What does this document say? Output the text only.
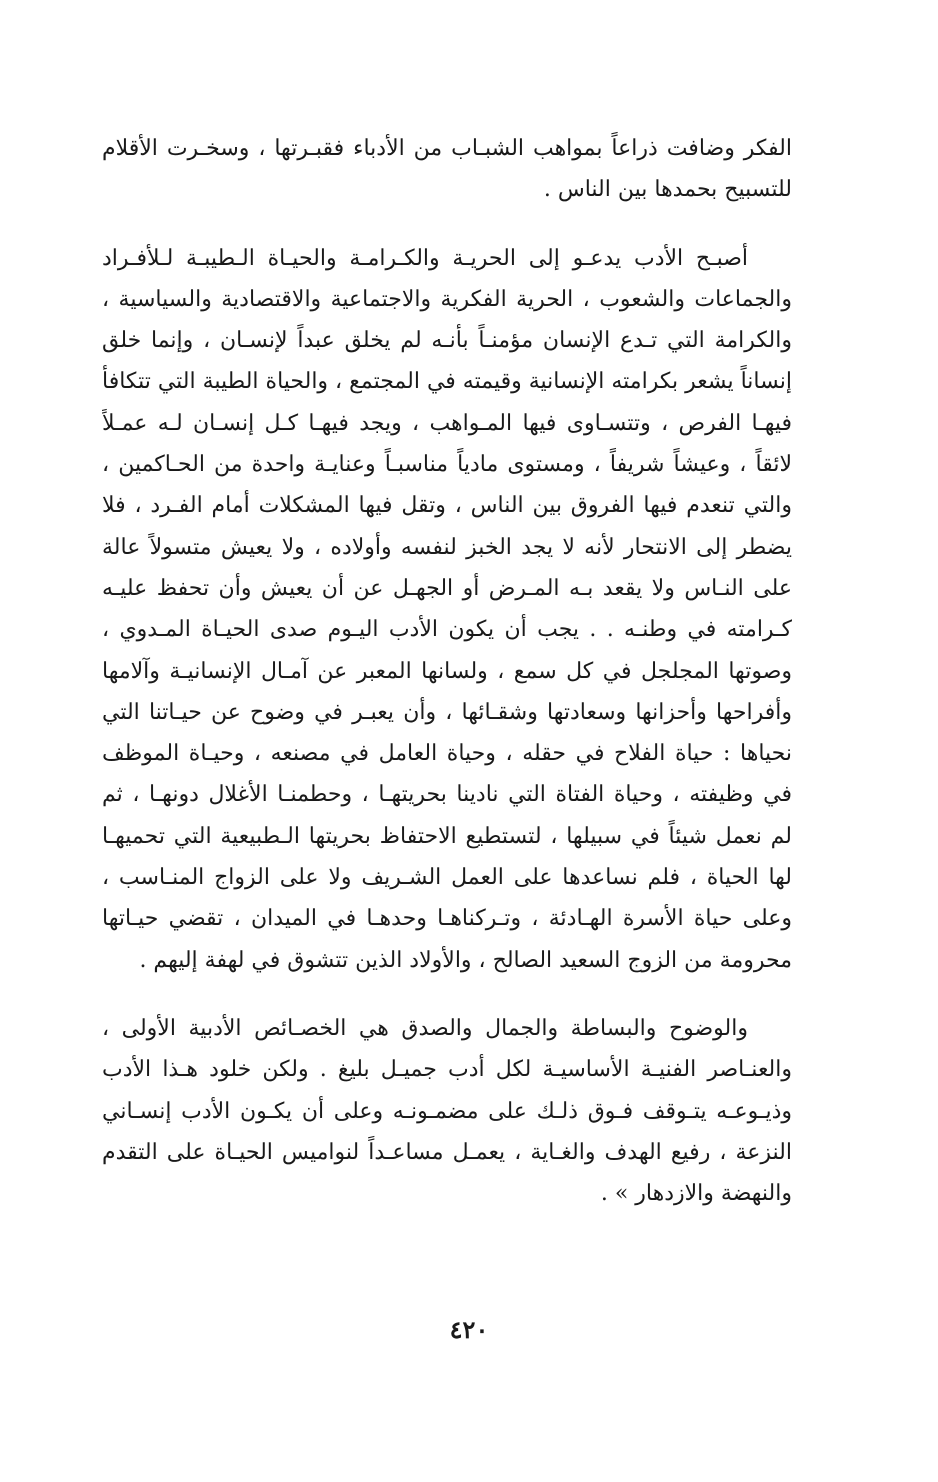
الفكر وضافت ذراعاً بمواهب الشبـاب من الأدباء فقبـرتها ، وسخـرت الأقلام
للتسبيح بحمدها بين الناس .
أصبـح الأدب يدعـو إلى الحريـة والكـرامـة والحيـاة الـطيبـة لـلأفـراد
والجماعات والشعوب ، الحرية الفكرية والاجتماعية والاقتصادية والسياسية ،
والكرامة التي تـدع الإنسان مؤمنـاً بأنـه لم يخلق عبداً لإنسـان ، وإنما خلق
إنساناً يشعر بكرامته الإنسانية وقيمته في المجتمع ، والحياة الطيبة التي تتكافأ
فيهـا الفرص ، وتتسـاوى فيها المـواهب ، ويجد فيهـا كـل إنسـان لـه عمـلاً
لائقاً ، وعيشاً شريفاً ، ومستوى مادياً مناسبـاً وعنايـة واحدة من الحـاكمين ،
والتي تنعدم فيها الفروق بين الناس ، وتقل فيها المشكلات أمام الفـرد ، فلا
يضطر إلى الانتحار لأنه لا يجد الخبز لنفسه وأولاده ، ولا يعيش متسولاً عالة
على النـاس ولا يقعد بـه المـرض أو الجهـل عن أن يعيش وأن تحفظ عليـه
كـرامته في وطنـه . . يجب أن يكون الأدب اليـوم صدى الحيـاة المـدوي ،
وصوتها المجلجل في كل سمع ، ولسانها المعبر عن آمـال الإنسانيـة وآلامها
وأفراحها وأحزانها وسعادتها وشقـائها ، وأن يعبـر في وضوح عن حيـاتنا التي
نحياها : حياة الفلاح في حقله ، وحياة العامل في مصنعه ، وحيـاة الموظف
في وظيفته ، وحياة الفتاة التي نادينا بحريتهـا ، وحطمنـا الأغلال دونهـا ، ثم
لم نعمل شيئاً في سبيلها ، لتستطيع الاحتفاظ بحريتها الـطبيعية التي تحميهـا
لها الحياة ، فلم نساعدها على العمل الشـريف ولا على الزواج المنـاسب ،
وعلى حياة الأسرة الهـادئة ، وتـركناهـا وحدهـا في الميدان ، تقضي حيـاتها
محرومة من الزوج السعيد الصالح ، والأولاد الذين تتشوق في لهفة إليهم .
والوضوح والبساطة والجمال والصدق هي الخصـائص الأدبية الأولى ،
والعنـاصر الفنيـة الأساسيـة لكل أدب جميـل بليغ . ولكن خلود هـذا الأدب
وذيـوعـه يتـوقف فـوق ذلـك على مضمـونـه وعلى أن يكـون الأدب إنسـاني
النزعة ، رفيع الهدف والغـاية ، يعمـل مساعـداً لنواميس الحيـاة على التقدم
والنهضة والازدهار » .
٤٢٠
